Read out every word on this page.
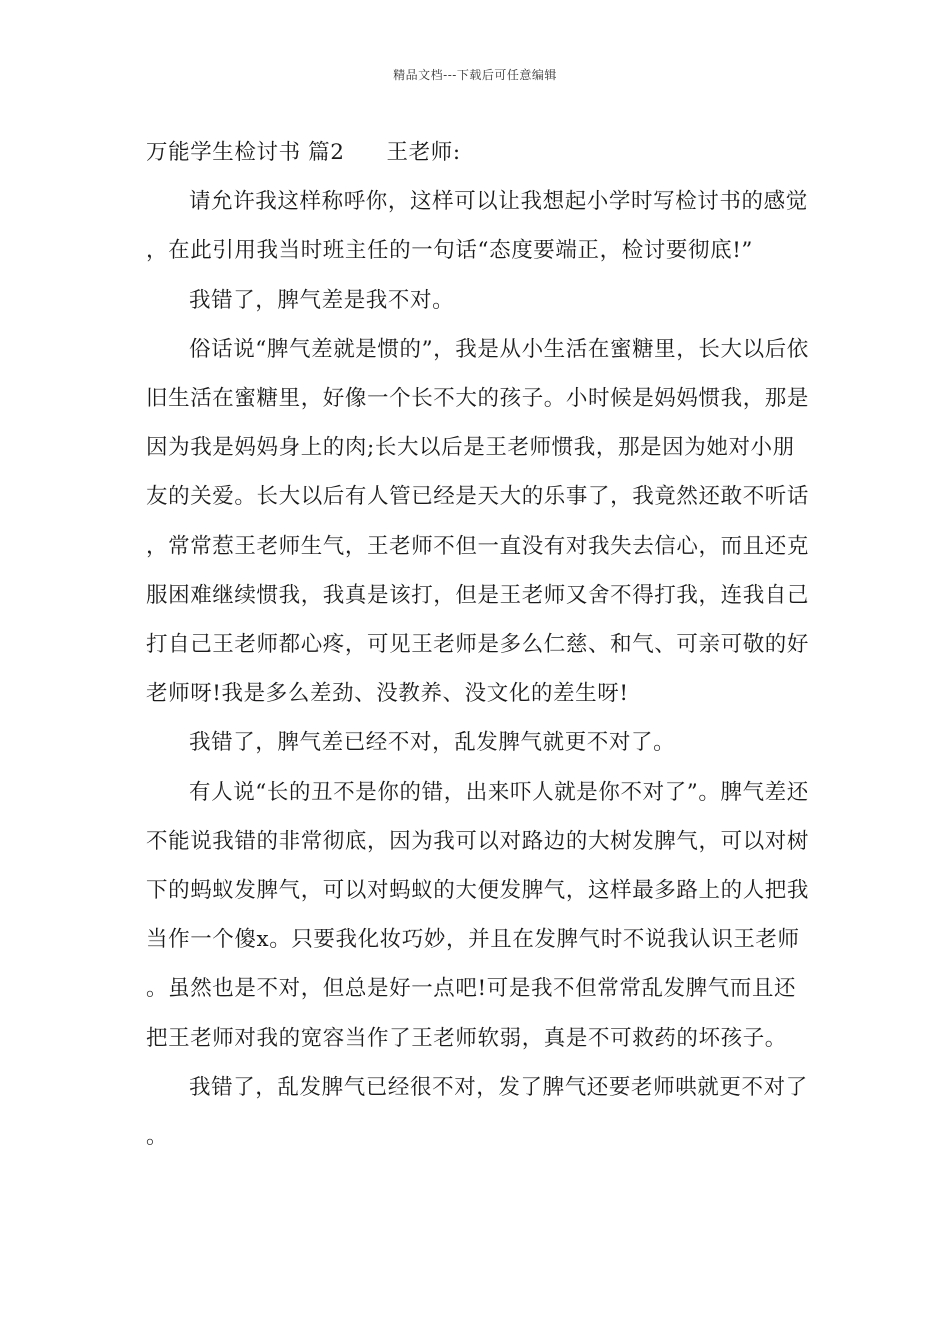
精品文档---下载后可任意编辑

万能学生检讨书 篇2 王老师:

请允许我这样称呼你，这样可以让我想起小学时写检讨书的感觉，在此引用我当时班主任的一句话“态度要端正，检讨要彻底!”

我错了，脾气差是我不对。

俗话说“脾气差就是惯的”，我是从小生活在蜜糖里，长大以后依旧生活在蜜糖里，好像一个长不大的孩子。小时候是妈妈惯我，那是因为我是妈妈身上的肉;长大以后是王老师惯我，那是因为她对小朋友的关爱。长大以后有人管已经是天大的乐事了，我竟然还敢不听话，常常惹王老师生气，王老师不但一直没有对我失去信心，而且还克服困难继续惯我，我真是该打，但是王老师又舍不得打我，连我自己打自己王老师都心疼，可见王老师是多么仁慈、和气、可亲可敬的好老师呀!我是多么差劲、没教养、没文化的差生呀!

我错了，脾气差已经不对，乱发脾气就更不对了。

有人说“长的丑不是你的错，出来吓人就是你不对了”。脾气差还不能说我错的非常彻底，因为我可以对路边的大树发脾气，可以对树下的蚂蚁发脾气，可以对蚂蚁的大便发脾气，这样最多路上的人把我当作一个傻x。只要我化妆巧妙，并且在发脾气时不说我认识王老师。虽然也是不对，但总是好一点吧!可是我不但常常乱发脾气而且还把王老师对我的宽容当作了王老师软弱，真是不可救药的坏孩子。

我错了，乱发脾气已经很不对，发了脾气还要老师哄就更不对了。
